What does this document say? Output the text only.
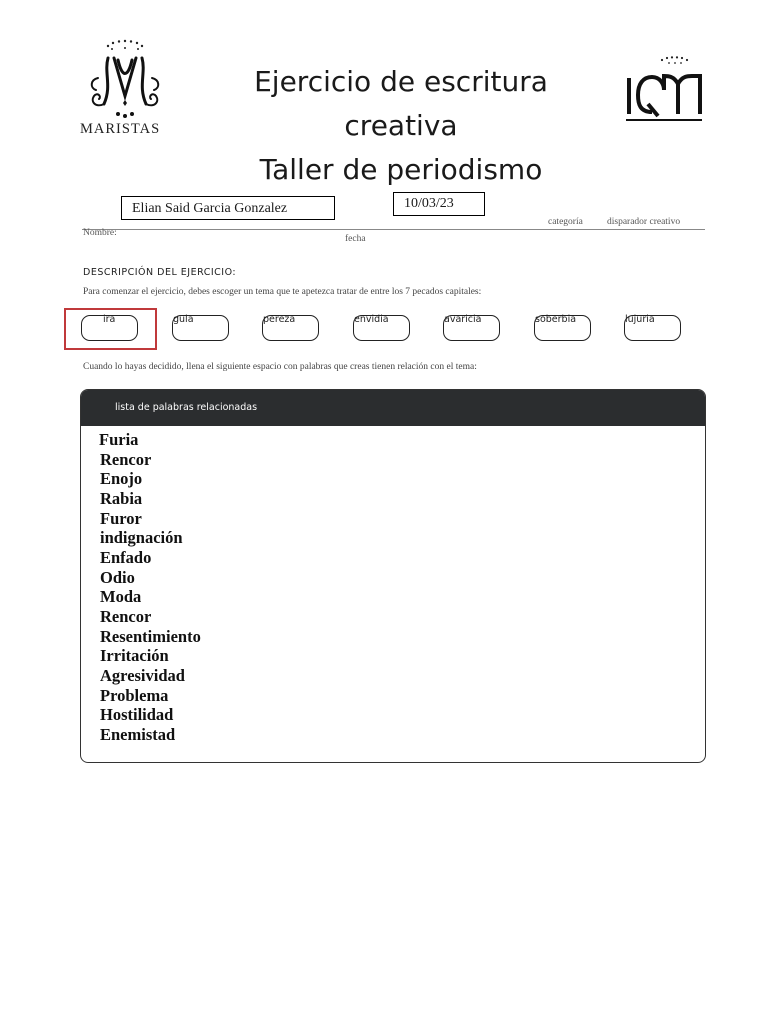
MARISTAS
Ejercicio de escritura creativa
Taller de periodismo
Elian Said Garcia Gonzalez	10/03/23
Nombre:
fecha
categoría	disparador creativo
DESCRIPCIÓN DEL EJERCICIO:
Para comenzar el ejercicio, debes escoger un tema que te apetezca tratar de entre los 7 pecados capitales:
ira	gula	pereza	envidia	avaricia	soberbia	lujuria
Cuando lo hayas decidido, llena el siguiente espacio con palabras que creas tienen relación con el tema:
lista de palabras relacionadas
Furia
Rencor
Enojo
Rabia
Furor
indignación
Enfado
Odio
Moda
Rencor
Resentimiento
Irritación
Agresividad
Problema
Hostilidad
Enemistad
